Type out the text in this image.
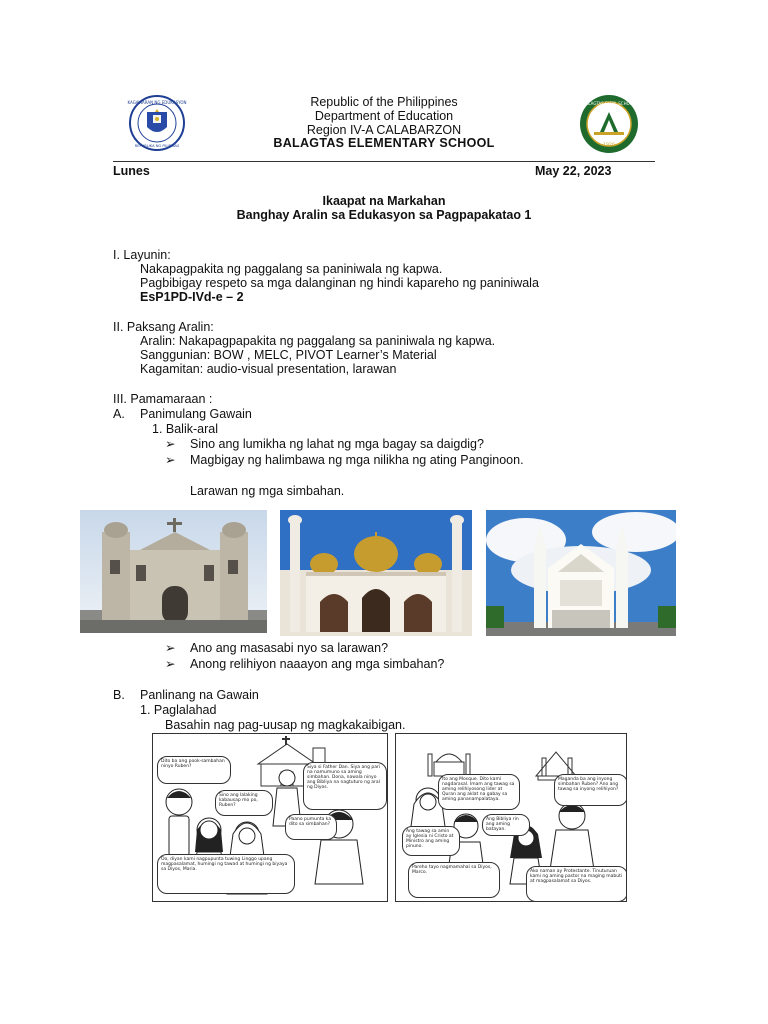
KAGAWARAN NG EDUKASYON
REPUBLIKA NG PILIPINAS
BALAGTAS ELEM. SCHOOL
1920
Republic of the Philippines
Department of Education
Region IV-A CALABARZON
BALAGTAS ELEMENTARY SCHOOL
Lunes	May 22, 2023
Ikaapat na Markahan
Banghay Aralin sa Edukasyon sa Pagpapakatao 1
I. Layunin:
Nakapagpakita ng paggalang sa paniniwala ng kapwa.
Pagbibigay respeto sa mga dalanginan ng hindi kapareho ng paniniwala
EsP1PD-IVd-e – 2
II. Paksang Aralin:
Aralin: Nakapagpapakita ng paggalang sa paniniwala ng kapwa.
Sanggunian: BOW , MELC, PIVOT Learner’s Material
Kagamitan: audio-visual presentation, larawan
III. Pamamaraan :
A. Panimulang Gawain
1. Balik-aral
➢ Sino ang lumikha ng lahat ng mga bagay sa daigdig?
➢ Magbigay ng halimbawa ng mga nilikha ng ating Panginoon.
Larawan ng mga simbahan.
➢ Ano ang masasabi nyo sa larawan?
➢ Anong relihiyon naaayon ang mga simbahan?
B. Panlinang na Gawain
1. Paglalahad
Basahin nag pag-uusap ng magkakaibigan.
Dito ba ang pook-sambahan ninyo Ruben?
Sino ang lalaking kabausap mo po, Ruben?
Siya si Father Dan. Siya ang pari na namumuno sa aming simbahan. Dona, nawala ninyo ang Bibliya na nagtuturo ng aral ng Diyos.
Paano pumunta ka dito sa simbahan?
Oo, diyan kami nagpupunta tuwing Linggo upang magpasalamat, humingi ng tawad at humingi ng biyaya sa Diyos, Maria.
Ito ang Mosque. Dito kami nagdarasal. Imam ang tawag sa aming relihiyosong lider at Quran ang aklat na gabay sa aming pananampalataya.
Maganda ba ang inyong simbahan Ruben? Ano ang tawag sa inyong relihiyon?
Ang tawag sa amin ay Iglesia ni Cristo at Ministro ang aming pinuno.
Ang Bibliya rin ang aming batayan.
Ako naman ay Protestante. Tinuturuan kami ng aming pastor na maging mabuti at magpasalamat sa Diyos.
Pareho tayo nagmamahal sa Diyos, Marco.
